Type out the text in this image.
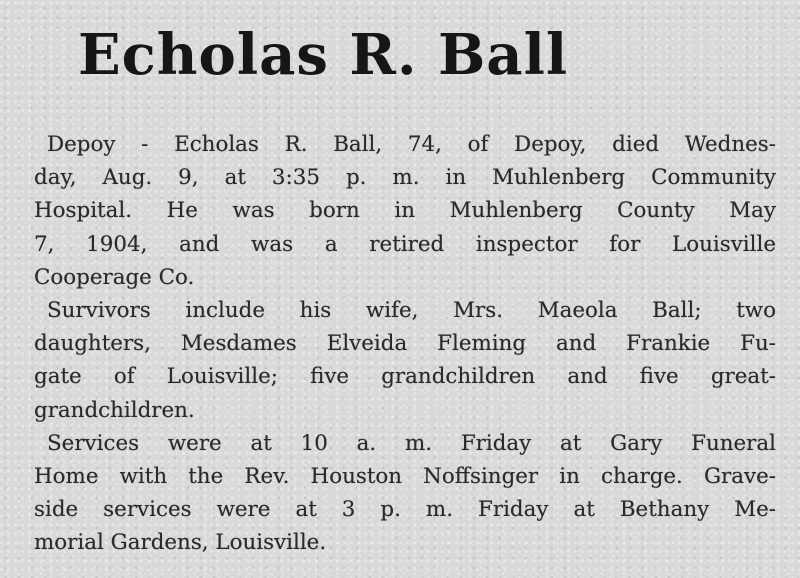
Echolas R. Ball
Depoy - Echolas R. Ball, 74, of Depoy, died Wednes-
day, Aug. 9, at 3:35 p. m. in Muhlenberg Community
Hospital. He was born in Muhlenberg County May
7, 1904, and was a retired inspector for Louisville
Cooperage Co.
Survivors include his wife, Mrs. Maeola Ball; two
daughters, Mesdames Elveida Fleming and Frankie Fu-
gate of Louisville; five grandchildren and five great-
grandchildren.
Services were at 10 a. m. Friday at Gary Funeral
Home with the Rev. Houston Noffsinger in charge. Grave-
side services were at 3 p. m. Friday at Bethany Me-
morial Gardens, Louisville.
